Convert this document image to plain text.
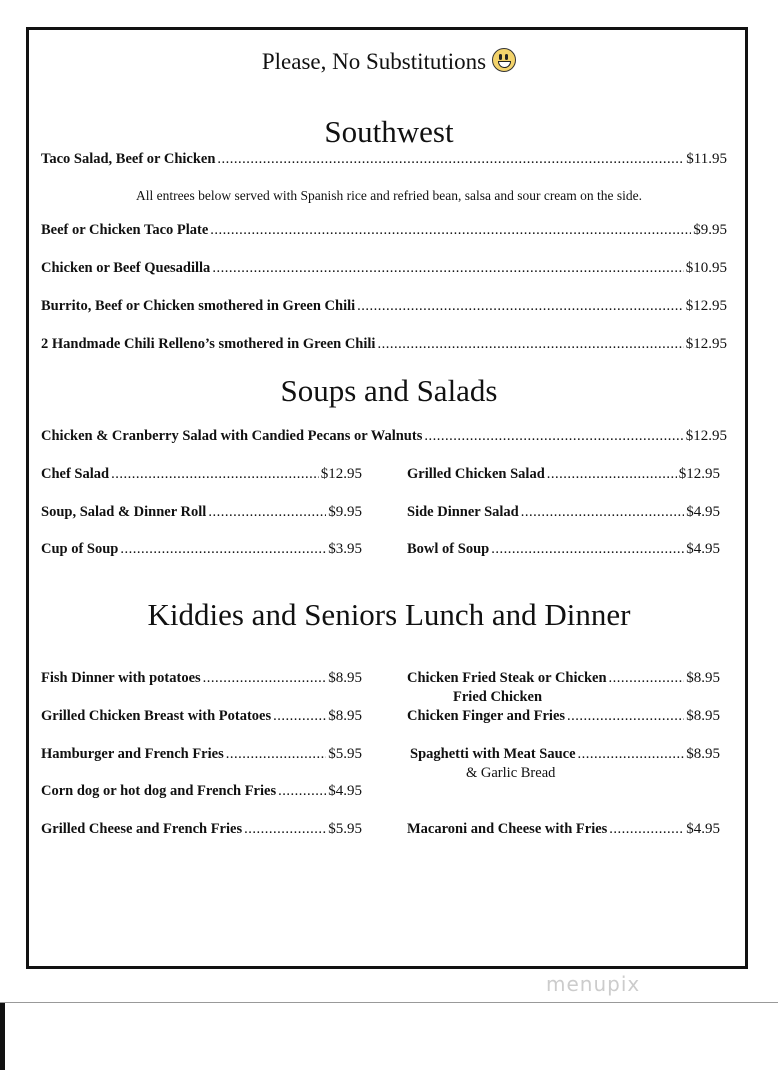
Please, No Substitutions
Southwest
Taco Salad, Beef or Chicken .....	$11.95
All entrees below served with Spanish rice and refried bean, salsa and sour cream on the side.
Beef or Chicken Taco Plate .....	$9.95
Chicken or Beef Quesadilla .....	$10.95
Burrito, Beef or Chicken smothered in Green Chili .....	$12.95
2 Handmade Chili Relleno’s smothered in Green Chili .....	$12.95
Soups and Salads
Chicken & Cranberry Salad with Candied Pecans or Walnuts .....	$12.95
Chef Salad .....	$12.95
Soup, Salad & Dinner Roll .....	$9.95
Cup of Soup .....	$3.95
Grilled Chicken Salad .....	$12.95
Side Dinner Salad .....	$4.95
Bowl of Soup .....	$4.95
Kiddies and Seniors Lunch and Dinner
Fish Dinner with potatoes .....	$8.95
Grilled Chicken Breast with Potatoes .....	$8.95
Hamburger and French Fries .....	$5.95
Corn dog or hot dog and French Fries .....	$4.95
Grilled Cheese and French Fries .....	$5.95
Chicken Fried Steak or Chicken .....	$8.95
Fried Chicken
Chicken Finger and Fries .....	$8.95
Spaghetti with Meat Sauce .....	$8.95
& Garlic Bread
Macaroni and Cheese with Fries .....	$4.95
menupix
